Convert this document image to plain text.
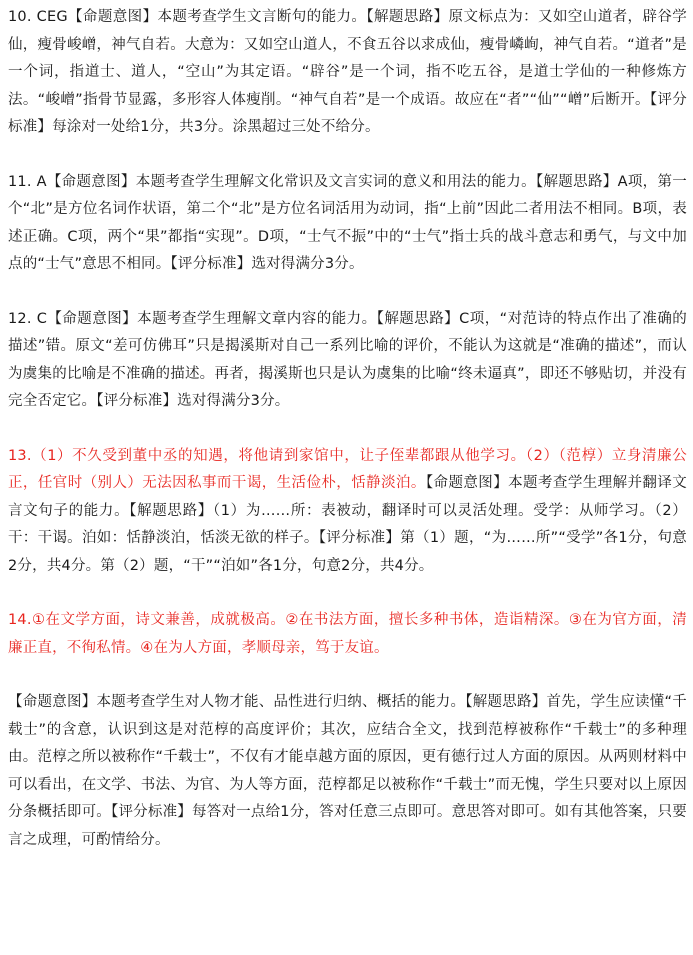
10. CEG【命题意图】本题考查学生文言断句的能力。【解题思路】原文标点为：又如空山道者，辟谷学仙，瘦骨峻嶒，神气自若。大意为：又如空山道人，不食五谷以求成仙，瘦骨嶙峋，神气自若。“道者”是一个词，指道士、道人，“空山”为其定语。“辟谷”是一个词，指不吃五谷，是道士学仙的一种修炼方法。“峻嶒”指骨节显露，多形容人体瘦削。“神气自若”是一个成语。故应在“者”“仙”“嶒”后断开。【评分标准】每涂对一处给1分，共3分。涂黑超过三处不给分。

11. A【命题意图】本题考查学生理解文化常识及文言实词的意义和用法的能力。【解题思路】A项，第一个“北”是方位名词作状语，第二个“北”是方位名词活用为动词，指“上前”因此二者用法不相同。B项，表述正确。C项，两个“果”都指“实现”。D项，“士气不振”中的“士气”指士兵的战斗意志和勇气，与文中加点的“士气”意思不相同。【评分标准】选对得满分3分。

12. C【命题意图】本题考查学生理解文章内容的能力。【解题思路】C项，“对范诗的特点作出了准确的描述”错。原文“差可仿佛耳”只是揭溪斯对自己一系列比喻的评价，不能认为这就是“准确的描述”，而认为虞集的比喻是不准确的描述。再者，揭溪斯也只是认为虞集的比喻“终未逼真”，即还不够贴切，并没有完全否定它。【评分标准】选对得满分3分。

13.（1）不久受到董中丞的知遇，将他请到家馆中，让子侄辈都跟从他学习。（2）（范椁）立身清廉公正，任官时（别人）无法因私事而干谒，生活俭朴，恬静淡泊。【命题意图】本题考查学生理解并翻译文言文句子的能力。【解题思路】（1）为……所：表被动，翻译时可以灵活处理。受学：从师学习。（2）干：干谒。泊如：恬静淡泊，恬淡无欲的样子。【评分标准】第（1）题，“为……所”“受学”各1分，句意2分，共4分。第（2）题，“干”“泊如”各1分，句意2分，共4分。

14.①在文学方面，诗文兼善，成就极高。②在书法方面，擅长多种书体，造诣精深。③在为官方面，清廉正直，不徇私情。④在为人方面，孝顺母亲，笃于友谊。

【命题意图】本题考查学生对人物才能、品性进行归纳、概括的能力。【解题思路】首先，学生应读懂“千载士”的含意，认识到这是对范椁的高度评价；其次，应结合全文，找到范椁被称作“千载士”的多种理由。范椁之所以被称作“千载士”，不仅有才能卓越方面的原因，更有德行过人方面的原因。从两则材料中可以看出，在文学、书法、为官、为人等方面，范椁都足以被称作“千载士”而无愧，学生只要对以上原因分条概括即可。【评分标准】每答对一点给1分，答对任意三点即可。意思答对即可。如有其他答案，只要言之成理，可酌情给分。
